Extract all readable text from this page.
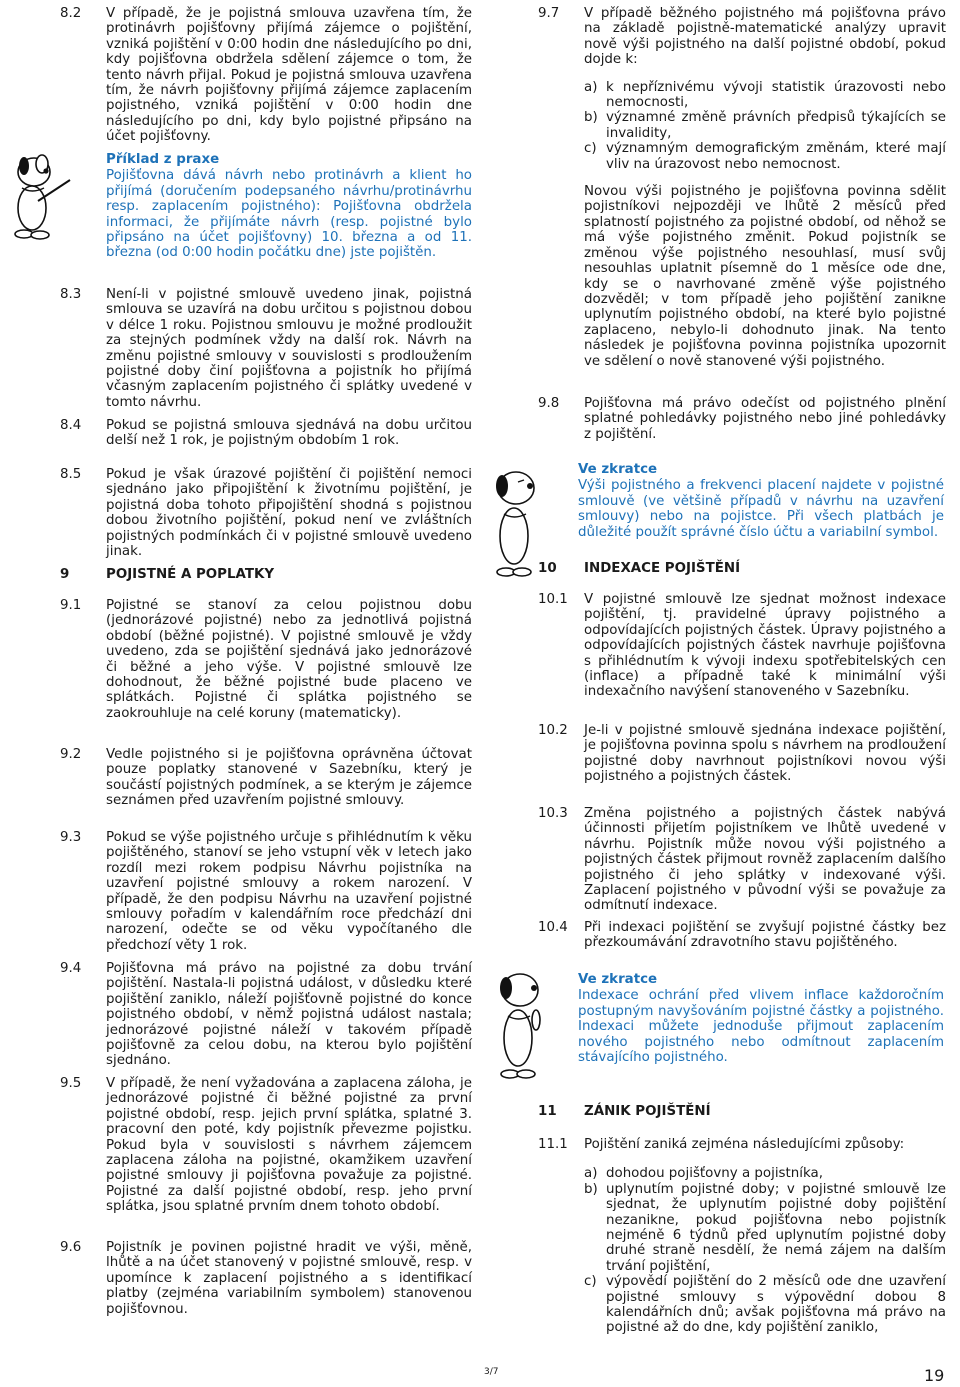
8.2	V případě, že je pojistná smlouva uzavřena tím, že protinávrh pojišťovny přijímá zájemce o pojištění, vzniká pojištění v 0:00 hodin dne následujícího po dni, kdy pojišťovna obdržela sdělení zájemce o tom, že tento návrh přijal. Pokud je pojistná smlouva uzavřena tím, že návrh pojišťovny přijímá zájemce zaplacením pojistného, vzniká pojištění v 0:00 hodin dne následujícího po dni, kdy bylo pojistné připsáno na účet pojišťovny.

Příklad z praxe

Pojišťovna dává návrh nebo protinávrh a klient ho přijímá (doručením podepsaného návrhu/protinávrhu resp. zaplacením pojistného): Pojišťovna obdržela informaci, že přijímáte návrh (resp. pojistné bylo připsáno na účet pojišťovny) 10. března a od 11. března (od 0:00 hodin počátku dne) jste pojištěn.

8.3	Není-li v pojistné smlouvě uvedeno jinak, pojistná smlouva se uzavírá na dobu určitou s pojistnou dobou v délce 1 roku. Pojistnou smlouvu je možné prodloužit za stejných podmínek vždy na další rok. Návrh na změnu pojistné smlouvy v souvislosti s prodloužením pojistné doby činí pojišťovna a pojistník ho přijímá včasným zaplacením pojistného či splátky uvedené v tomto návrhu.

8.4	Pokud se pojistná smlouva sjednává na dobu určitou delší než 1 rok, je pojistným obdobím 1 rok.

8.5	Pokud je však úrazové pojištění či pojištění nemoci sjednáno jako připojištění k životnímu pojištění, je pojistná doba tohoto připojištění shodná s pojistnou dobou životního pojištění, pokud není ve zvláštních pojistných podmínkách či v pojistné smlouvě uvedeno jinak.

9	POJISTNÉ A POPLATKY
9.1	Pojistné se stanoví za celou pojistnou dobu (jednorázové pojistné) nebo za jednotlivá pojistná období (běžné pojistné). V pojistné smlouvě je vždy uvedeno, zda se pojištění sjednává jako jednorázové či běžné a jeho výše. V pojistné smlouvě lze dohodnout, že běžné pojistné bude placeno ve splátkách. Pojistné či splátka pojistného se zaokrouhluje na celé koruny (matematicky).

9.2	Vedle pojistného si je pojišťovna oprávněna účtovat pouze poplatky stanovené v Sazebníku, který je součástí pojistných podmínek, a se kterým je zájemce seznámen před uzavřením pojistné smlouvy.

9.3	Pokud se výše pojistného určuje s přihlédnutím k věku pojištěného, stanoví se jeho vstupní věk v letech jako rozdíl mezi rokem podpisu Návrhu pojistníka na uzavření pojistné smlouvy a rokem narození. V případě, že den podpisu Návrhu na uzavření pojistné smlouvy pořadím v kalendářním roce předchází dni narození, odečte se od věku vypočítaného dle předchozí věty 1 rok.

9.4	Pojišťovna má právo na pojistné za dobu trvání pojištění. Nastala-li pojistná událost, v důsledku které pojištění zaniklo, náleží pojišťovně pojistné do konce pojistného období, v němž pojistná událost nastala; jednorázové pojistné náleží v takovém případě pojišťovně za celou dobu, na kterou bylo pojištění sjednáno.

9.5	V případě, že není vyžadována a zaplacena záloha, je jednorázové pojistné či běžné pojistné za první pojistné období, resp. jejich první splátka, splatné 3. pracovní den poté, kdy pojistník převezme pojistku. Pokud byla v souvislosti s návrhem zájemcem zaplacena záloha na pojistné, okamžikem uzavření pojistné smlouvy ji pojišťovna považuje za pojistné. Pojistné za další pojistné období, resp. jeho první splátka, jsou splatné prvním dnem tohoto období.

9.6	Pojistník je povinen pojistné hradit ve výši, měně, lhůtě a na účet stanovený v pojistné smlouvě, resp. v upomínce k zaplacení pojistného a s identifikací platby (zejména variabilním symbolem) stanovenou pojišťovnou.

9.7	V případě běžného pojistného má pojišťovna právo na základě pojistně-matematické analýzy upravit nově výši pojistného na další pojistné období, pokud dojde k:

a) k nepříznivému vývoji statistik úrazovosti nebo nemocnosti,
b) významné změně právních předpisů týkajících se invalidity,
c) významným demografickým změnám, které mají vliv na úrazovost nebo nemocnost.

Novou výši pojistného je pojišťovna povinna sdělit pojistníkovi nejpozději ve lhůtě 2 měsíců před splatností pojistného za pojistné období, od něhož se má výše pojistného změnit. Pokud pojistník se změnou výše pojistného nesouhlasí, musí svůj nesouhlas uplatnit písemně do 1 měsíce ode dne, kdy se o navrhované změně výše pojistného dozvěděl; v tom případě jeho pojištění zanikne uplynutím pojistného období, na které bylo pojistné zaplaceno, nebylo-li dohodnuto jinak. Na tento následek je pojišťovna povinna pojistníka upozornit ve sdělení o nově stanovené výši pojistného.

9.8	Pojišťovna má právo odečíst od pojistného plnění splatné pohledávky pojistného nebo jiné pohledávky z pojištění.

Ve zkratce

Výši pojistného a frekvenci placení najdete v pojistné smlouvě (ve většině případů v návrhu na uzavření smlouvy) nebo na pojistce. Při všech platbách je důležité použít správné číslo účtu a variabilní symbol.

10	INDEXACE POJIŠTĚNÍ
10.1	V pojistné smlouvě lze sjednat možnost indexace pojištění, tj. pravidelné úpravy pojistného a odpovídajících pojistných částek. Úpravy pojistného a odpovídajících pojistných částek navrhuje pojišťovna s přihlédnutím k vývoji indexu spotřebitelských cen (inflace) a případně také k minimální výši indexačního navýšení stanoveného v Sazebníku.

10.2	Je-li v pojistné smlouvě sjednána indexace pojištění, je pojišťovna povinna spolu s návrhem na prodloužení pojistné doby navrhnout pojistníkovi novou výši pojistného a pojistných částek.

10.3	Změna pojistného a pojistných částek nabývá účinnosti přijetím pojistníkem ve lhůtě uvedené v návrhu. Pojistník může novou výši pojistného a pojistných částek přijmout rovněž zaplacením dalšího pojistného či jeho splátky v indexované výši. Zaplacení pojistného v původní výši se považuje za odmítnutí indexace.

10.4	Při indexaci pojištění se zvyšují pojistné částky bez přezkoumávání zdravotního stavu pojištěného.

Ve zkratce

Indexace ochrání před vlivem inflace každoročním postupným navyšováním pojistné částky a pojistného. Indexaci můžete jednoduše přijmout zaplacením nového pojistného nebo odmítnout zaplacením stávajícího pojistného.

11	ZÁNIK POJIŠTĚNÍ
11.1	Pojištění zaniká zejména následujícími způsoby:

a) dohodou pojišťovny a pojistníka,
b) uplynutím pojistné doby; v pojistné smlouvě lze sjednat, že uplynutím pojistné doby pojištění nezanikne, pokud pojišťovna nebo pojistník nejméně 6 týdnů před uplynutím pojistné doby druhé straně nesdělí, že nemá zájem na dalším trvání pojištění,
c) výpovědí pojištění do 2 měsíců ode dne uzavření pojistné smlouvy s výpovědní dobou 8 kalendářních dnů; avšak pojišťovna má právo na pojistné až do dne, kdy pojištění zaniklo,
3/7	19
